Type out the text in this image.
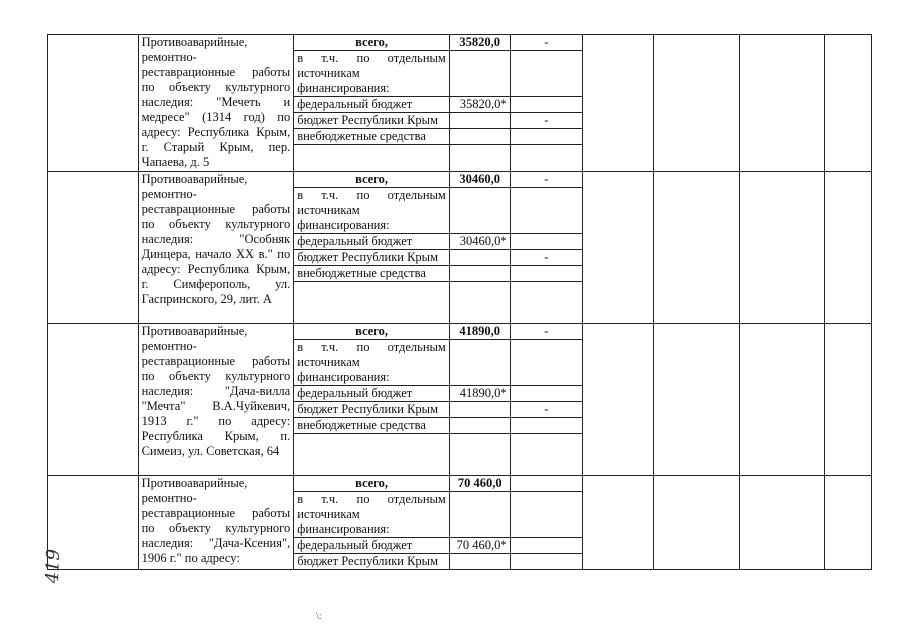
	Противоаварийные, ремонтно-реставрационные работы по объекту культурного наследия: "Мечеть и медресе" (1314 год) по адресу: Республика Крым, г. Старый Крым, пер. Чапаева, д. 5	всего,	35820,0	-				
		в т.ч. по отдельным источникам финансирования:						
		федеральный бюджет	35820,0*					
		бюджет Республики Крым		-				
		внебюджетные средства						

	Противоаварийные, ремонтно-реставрационные работы по объекту культурного наследия: "Особняк Динцера, начало XX в." по адресу: Республика Крым, г. Симферополь, ул. Гаспринского, 29, лит. А	всего,	30460,0	-				
		в т.ч. по отдельным источникам финансирования:						
		федеральный бюджет	30460,0*					
		бюджет Республики Крым		-				
		внебюджетные средства						

	Противоаварийные, ремонтно-реставрационные работы по объекту культурного наследия: "Дача-вилла "Мечта" В.А.Чуйкевич, 1913 г." по адресу: Республика Крым, п. Симеиз, ул. Советская, 64	всего,	41890,0	-				
		в т.ч. по отдельным источникам финансирования:						
		федеральный бюджет	41890,0*					
		бюджет Республики Крым		-				
		внебюджетные средства						

	Противоаварийные, ремонтно-реставрационные работы по объекту культурного наследия: "Дача-Ксения", 1906 г." по адресу:	всего,	70 460,0					
		в т.ч. по отдельным источникам финансирования:						
		федеральный бюджет	70 460,0*					
		бюджет Республики Крым						
419
\:
